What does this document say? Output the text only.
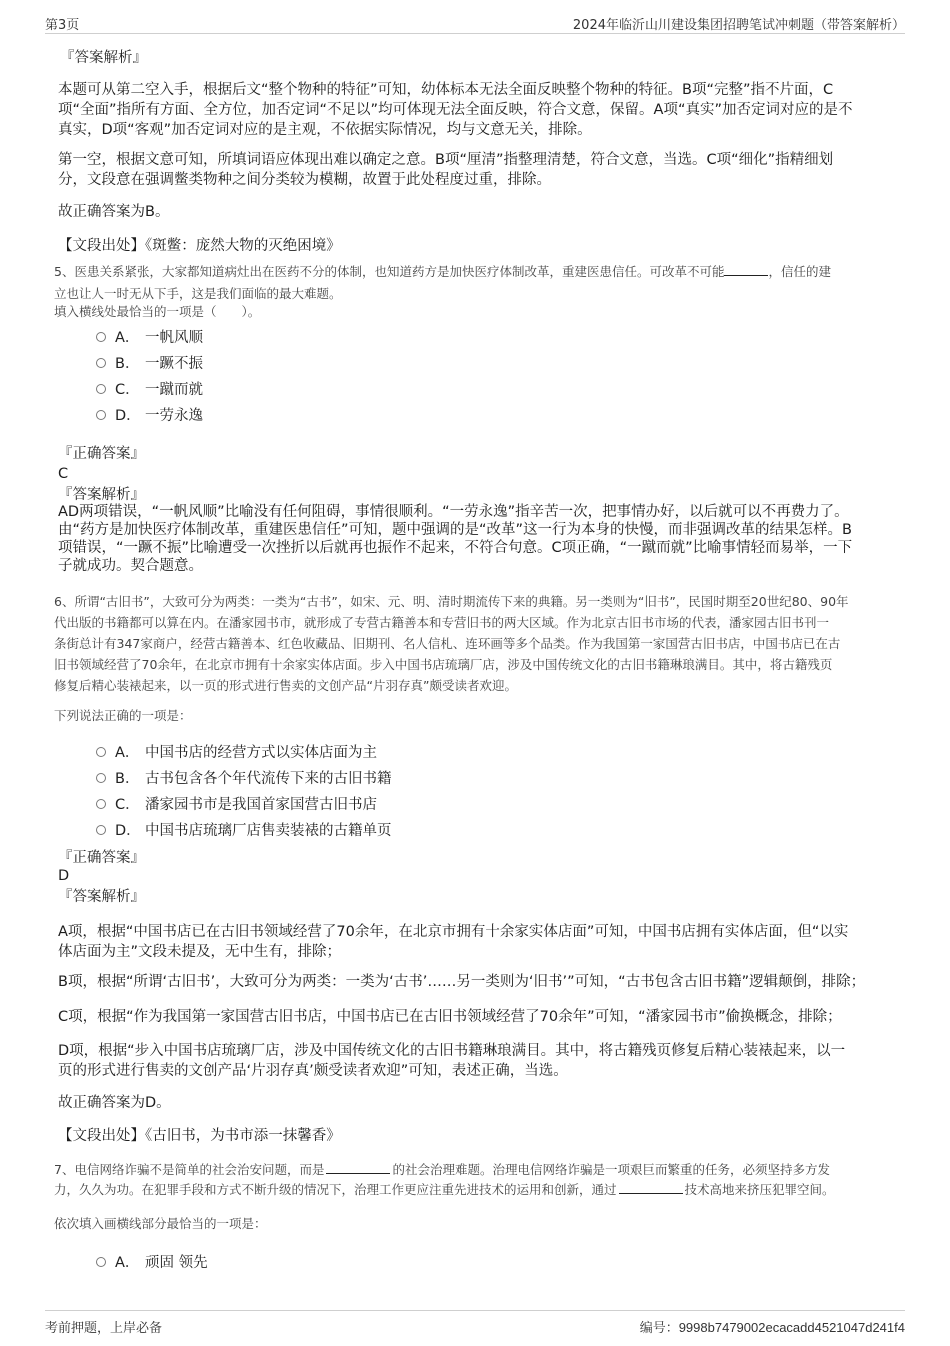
第3页	2024年临沂山川建设集团招聘笔试冲刺题（带答案解析）
『答案解析』
本题可从第二空入手，根据后文“整个物种的特征”可知，幼体标本无法全面反映整个物种的特征。B项“完整”指不片面，C
项“全面”指所有方面、全方位，加否定词“不足以”均可体现无法全面反映，符合文意，保留。A项“真实”加否定词对应的是不
真实，D项“客观”加否定词对应的是主观，不依据实际情况，均与文意无关，排除。
第一空，根据文意可知，所填词语应体现出难以确定之意。B项“厘清”指整理清楚，符合文意，当选。C项“细化”指精细划
分，文段意在强调鳖类物种之间分类较为模糊，故置于此处程度过重，排除。
故正确答案为B。
【文段出处】《斑鳖：庞然大物的灭绝困境》
5、医患关系紧张，大家都知道病灶出在医药不分的体制，也知道药方是加快医疗体制改革，重建医患信任。可改革不可能	，信任的建
立也让人一时无从下手，这是我们面临的最大难题。
填入横线处最恰当的一项是（　　）。
A． 一帆风顺
B． 一蹶不振
C． 一蹴而就
D． 一劳永逸
『正确答案』
C
『答案解析』
AD两项错误，“一帆风顺”比喻没有任何阻碍，事情很顺利。“一劳永逸”指辛苦一次，把事情办好，以后就可以不再费力了。
由“药方是加快医疗体制改革，重建医患信任”可知，题中强调的是“改革”这一行为本身的快慢，而非强调改革的结果怎样。B
项错误，“一蹶不振”比喻遭受一次挫折以后就再也振作不起来，不符合句意。C项正确，“一蹴而就”比喻事情轻而易举，一下
子就成功。契合题意。
6、所谓“古旧书”，大致可分为两类：一类为“古书”，如宋、元、明、清时期流传下来的典籍。另一类则为“旧书”，民国时期至20世纪80、90年
代出版的书籍都可以算在内。在潘家园书市，就形成了专营古籍善本和专营旧书的两大区域。作为北京古旧书市场的代表，潘家园古旧书刊一
条街总计有347家商户，经营古籍善本、红色收藏品、旧期刊、名人信札、连环画等多个品类。作为我国第一家国营古旧书店，中国书店已在古
旧书领域经营了70余年，在北京市拥有十余家实体店面。步入中国书店琉璃厂店，涉及中国传统文化的古旧书籍琳琅满目。其中，将古籍残页
修复后精心装裱起来，以一页的形式进行售卖的文创产品“片羽存真”颇受读者欢迎。
下列说法正确的一项是：
A． 中国书店的经营方式以实体店面为主
B． 古书包含各个年代流传下来的古旧书籍
C． 潘家园书市是我国首家国营古旧书店
D． 中国书店琉璃厂店售卖装裱的古籍单页
『正确答案』
D
『答案解析』
A项，根据“中国书店已在古旧书领域经营了70余年，在北京市拥有十余家实体店面”可知，中国书店拥有实体店面，但“以实
体店面为主”文段未提及，无中生有，排除；
B项，根据“所谓‘古旧书’，大致可分为两类：一类为‘古书’……另一类则为‘旧书’”可知，“古书包含古旧书籍”逻辑颠倒，排除；
C项，根据“作为我国第一家国营古旧书店，中国书店已在古旧书领域经营了70余年”可知，“潘家园书市”偷换概念，排除；
D项，根据“步入中国书店琉璃厂店，涉及中国传统文化的古旧书籍琳琅满目。其中，将古籍残页修复后精心装裱起来，以一
页的形式进行售卖的文创产品‘片羽存真’颇受读者欢迎”可知，表述正确，当选。
故正确答案为D。
【文段出处】《古旧书，为书市添一抹馨香》
7、电信网络诈骗不是简单的社会治安问题，而是	的社会治理难题。治理电信网络诈骗是一项艰巨而繁重的任务，必须坚持多方发
力，久久为功。在犯罪手段和方式不断升级的情况下，治理工作更应注重先进技术的运用和创新，通过	技术高地来挤压犯罪空间。
依次填入画横线部分最恰当的一项是：
A． 顽固 领先
考前押题，上岸必备	编号：9998b7479002ecacadd4521047d241f4
